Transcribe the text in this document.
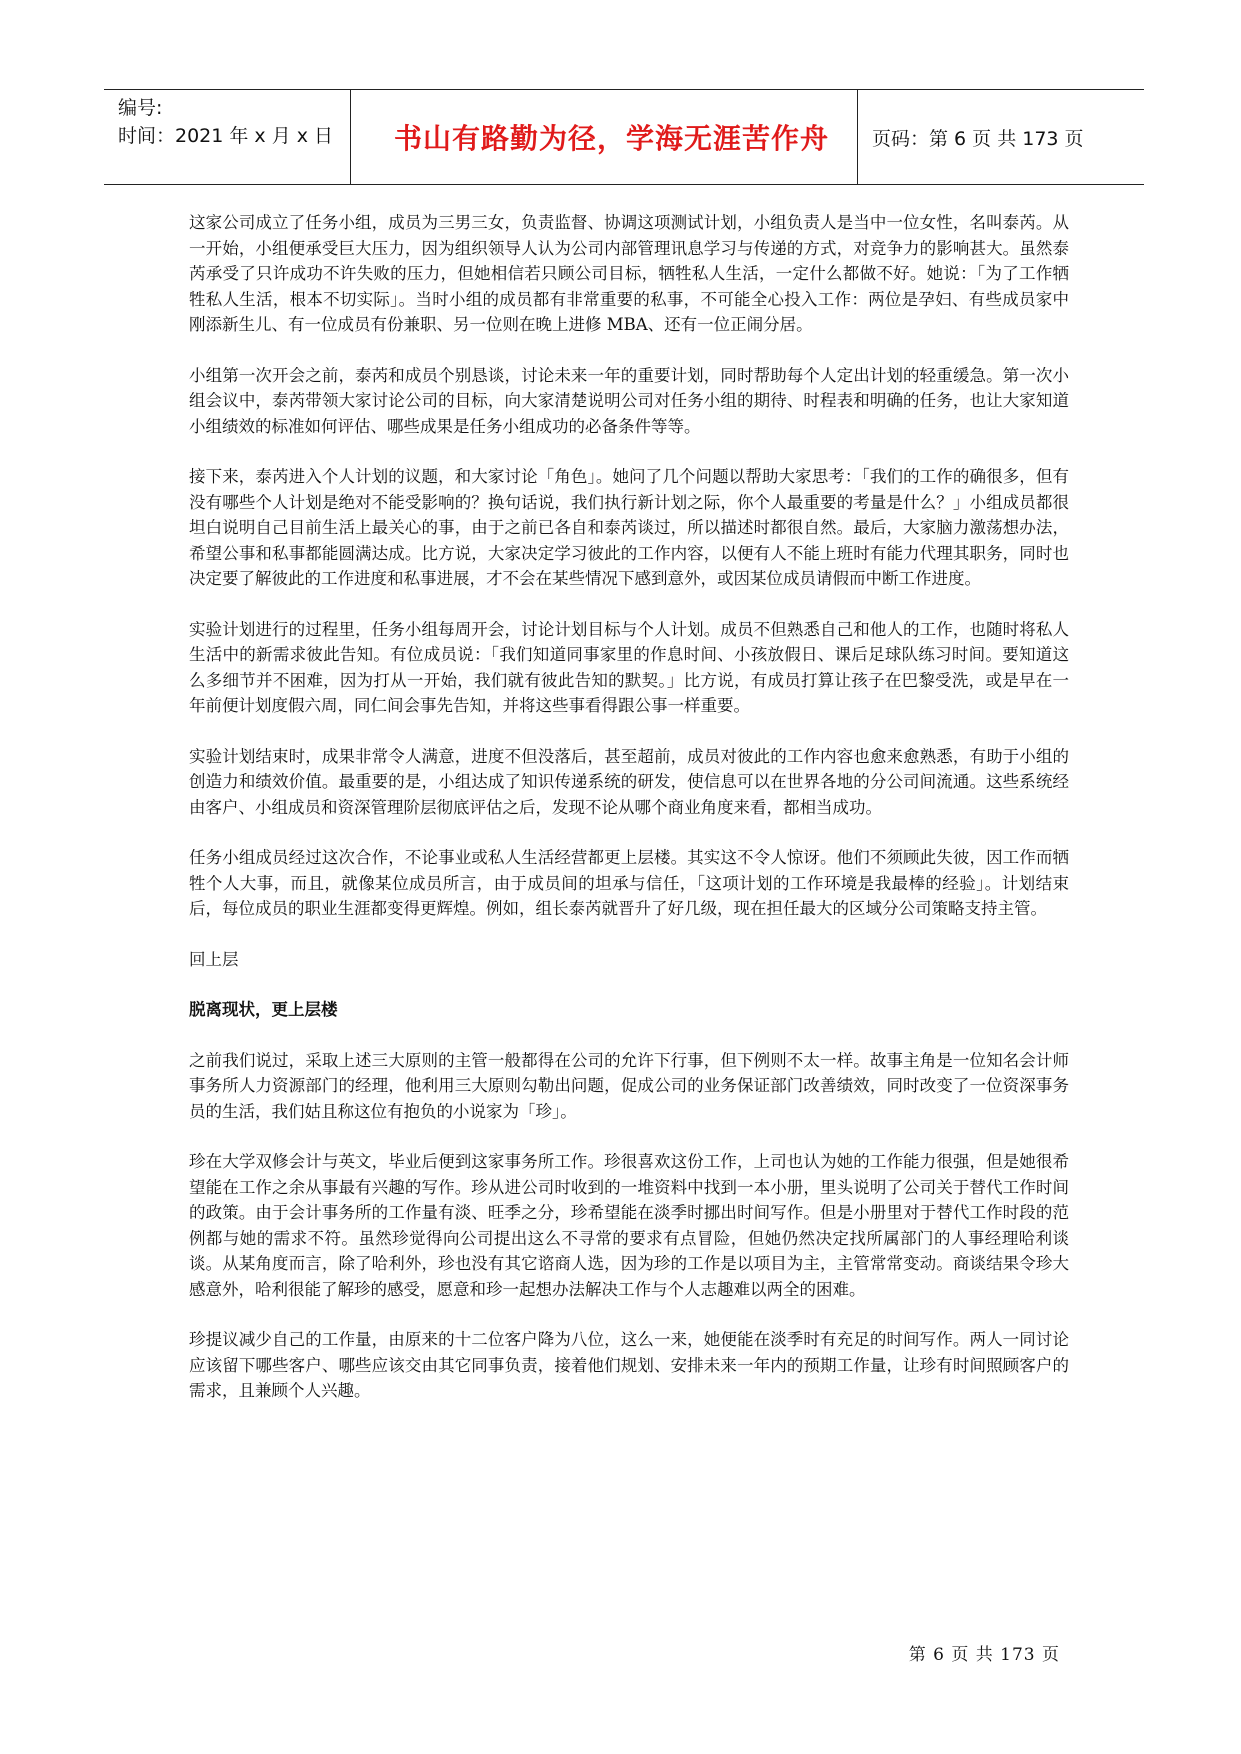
编号:
时间：2021 年 x 月 x 日	书山有路勤为径，学海无涯苦作舟	页码：第 6 页 共 173 页

这家公司成立了任务小组，成员为三男三女，负责监督、协调这项测试计划，小组负责人是当中一位女性，名叫泰芮。从一开始，小组便承受巨大压力，因为组织领导人认为公司内部管理讯息学习与传递的方式，对竞争力的影响甚大。虽然泰芮承受了只许成功不许失败的压力，但她相信若只顾公司目标，牺牲私人生活，一定什么都做不好。她说：「为了工作牺牲私人生活，根本不切实际」。当时小组的成员都有非常重要的私事，不可能全心投入工作：两位是孕妇、有些成员家中刚添新生儿、有一位成员有份兼职、另一位则在晚上进修 MBA、还有一位正闹分居。

小组第一次开会之前，泰芮和成员个别恳谈，讨论未来一年的重要计划，同时帮助每个人定出计划的轻重缓急。第一次小组会议中，泰芮带领大家讨论公司的目标，向大家清楚说明公司对任务小组的期待、时程表和明确的任务，也让大家知道小组绩效的标准如何评估、哪些成果是任务小组成功的必备条件等等。

接下来，泰芮进入个人计划的议题，和大家讨论「角色」。她问了几个问题以帮助大家思考：「我们的工作的确很多，但有没有哪些个人计划是绝对不能受影响的？换句话说，我们执行新计划之际，你个人最重要的考量是什么？」小组成员都很坦白说明自己目前生活上最关心的事，由于之前已各自和泰芮谈过，所以描述时都很自然。最后，大家脑力激荡想办法，希望公事和私事都能圆满达成。比方说，大家决定学习彼此的工作内容，以便有人不能上班时有能力代理其职务，同时也决定要了解彼此的工作进度和私事进展，才不会在某些情况下感到意外，或因某位成员请假而中断工作进度。

实验计划进行的过程里，任务小组每周开会，讨论计划目标与个人计划。成员不但熟悉自己和他人的工作，也随时将私人生活中的新需求彼此告知。有位成员说：「我们知道同事家里的作息时间、小孩放假日、课后足球队练习时间。要知道这么多细节并不困难，因为打从一开始，我们就有彼此告知的默契。」比方说，有成员打算让孩子在巴黎受洗，或是早在一年前便计划度假六周，同仁间会事先告知，并将这些事看得跟公事一样重要。

实验计划结束时，成果非常令人满意，进度不但没落后，甚至超前，成员对彼此的工作内容也愈来愈熟悉，有助于小组的创造力和绩效价值。最重要的是，小组达成了知识传递系统的研发，使信息可以在世界各地的分公司间流通。这些系统经由客户、小组成员和资深管理阶层彻底评估之后，发现不论从哪个商业角度来看，都相当成功。

任务小组成员经过这次合作，不论事业或私人生活经营都更上层楼。其实这不令人惊讶。他们不须顾此失彼，因工作而牺牲个人大事，而且，就像某位成员所言，由于成员间的坦承与信任，「这项计划的工作环境是我最棒的经验」。计划结束后，每位成员的职业生涯都变得更辉煌。例如，组长泰芮就晋升了好几级，现在担任最大的区域分公司策略支持主管。

回上层

脱离现状，更上层楼

之前我们说过，采取上述三大原则的主管一般都得在公司的允许下行事，但下例则不太一样。故事主角是一位知名会计师事务所人力资源部门的经理，他利用三大原则勾勒出问题，促成公司的业务保证部门改善绩效，同时改变了一位资深事务员的生活，我们姑且称这位有抱负的小说家为「珍」。

珍在大学双修会计与英文，毕业后便到这家事务所工作。珍很喜欢这份工作，上司也认为她的工作能力很强，但是她很希望能在工作之余从事最有兴趣的写作。珍从进公司时收到的一堆资料中找到一本小册，里头说明了公司关于替代工作时间的政策。由于会计事务所的工作量有淡、旺季之分，珍希望能在淡季时挪出时间写作。但是小册里对于替代工作时段的范例都与她的需求不符。虽然珍觉得向公司提出这么不寻常的要求有点冒险，但她仍然决定找所属部门的人事经理哈利谈谈。从某角度而言，除了哈利外，珍也没有其它谘商人选，因为珍的工作是以项目为主，主管常常变动。商谈结果令珍大感意外，哈利很能了解珍的感受，愿意和珍一起想办法解决工作与个人志趣难以两全的困难。

珍提议减少自己的工作量，由原来的十二位客户降为八位，这么一来，她便能在淡季时有充足的时间写作。两人一同讨论应该留下哪些客户、哪些应该交由其它同事负责，接着他们规划、安排未来一年内的预期工作量，让珍有时间照顾客户的需求，且兼顾个人兴趣。

第 6 页 共 173 页
